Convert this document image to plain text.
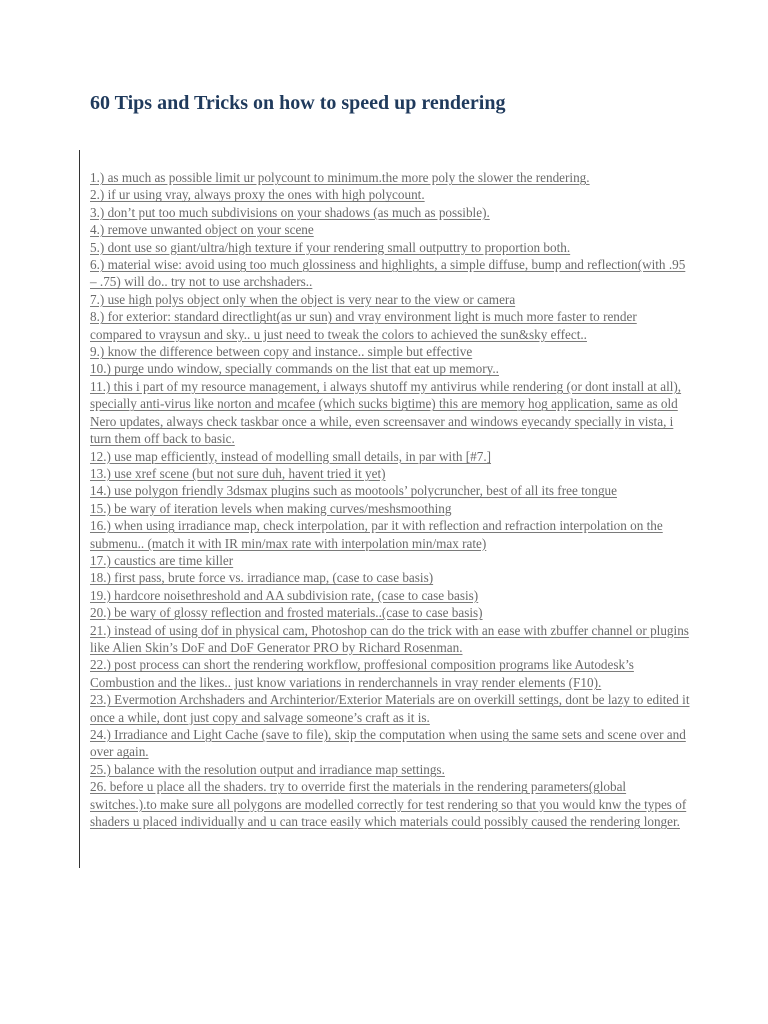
60 Tips and Tricks on how to speed up rendering
1.) as much as possible limit ur polycount to minimum.the more poly the slower the rendering.
2.) if ur using vray, always proxy the ones with high polycount.
3.) don’t put too much subdivisions on your shadows (as much as possible).
4.) remove unwanted object on your scene
5.) dont use so giant/ultra/high texture if your rendering small outputtry to proportion both.
6.) material wise: avoid using too much glossiness and highlights, a simple diffuse, bump and reflection(with .95 – .75) will do.. try not to use archshaders..
7.) use high polys object only when the object is very near to the view or camera
8.) for exterior: standard directlight(as ur sun) and vray environment light is much more faster to render compared to vraysun and sky.. u just need to tweak the colors to achieved the sun&sky effect..
9.) know the difference between copy and instance.. simple but effective
10.) purge undo window, specially commands on the list that eat up memory..
11.) this i part of my resource management, i always shutoff my antivirus while rendering (or dont install at all), specially anti-virus like norton and mcafee (which sucks bigtime) this are memory hog application, same as old Nero updates, always check taskbar once a while, even screensaver and windows eyecandy specially in vista, i turn them off back to basic.
12.) use map efficiently, instead of modelling small details, in par with [#7.]
13.) use xref scene (but not sure duh, havent tried it yet)
14.) use polygon friendly 3dsmax plugins such as mootools’ polycruncher, best of all its free tongue
15.) be wary of iteration levels when making curves/meshsmoothing
16.) when using irradiance map, check interpolation, par it with reflection and refraction interpolation on the submenu.. (match it with IR min/max rate with interpolation min/max rate)
17.) caustics are time killer
18.) first pass, brute force vs. irradiance map, (case to case basis)
19.) hardcore noisethreshold and AA subdivision rate, (case to case basis)
20.) be wary of glossy reflection and frosted materials..(case to case basis)
21.) instead of using dof in physical cam, Photoshop can do the trick with an ease with zbuffer channel or plugins like Alien Skin’s DoF and DoF Generator PRO by Richard Rosenman.
22.) post process can short the rendering workflow, proffesional composition programs like Autodesk’s Combustion and the likes.. just know variations in renderchannels in vray render elements (F10).
23.) Evermotion Archshaders and Archinterior/Exterior Materials are on overkill settings, dont be lazy to edited it once a while, dont just copy and salvage someone’s craft as it is.
24.) Irradiance and Light Cache (save to file), skip the computation when using the same sets and scene over and over again.
25.) balance with the resolution output and irradiance map settings.
26. before u place all the shaders. try to override first the materials in the rendering parameters(global switches.).to make sure all polygons are modelled correctly for test rendering so that you would knw the types of shaders u placed individually and u can trace easily which materials could possibly caused the rendering longer.
